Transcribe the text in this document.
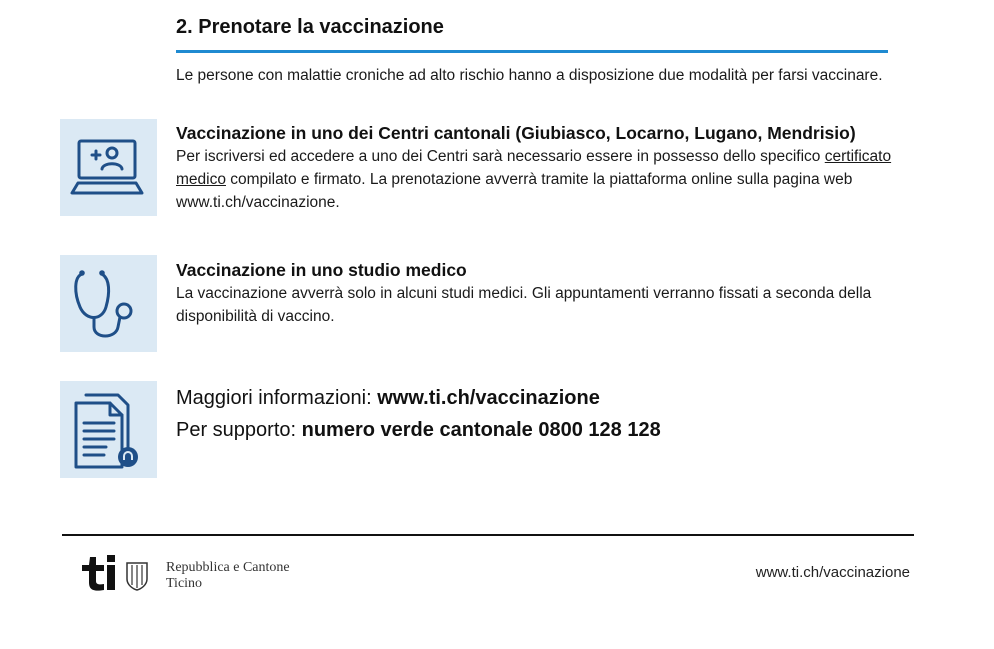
2. Prenotare la vaccinazione
Le persone con malattie croniche ad alto rischio hanno a disposizione due modalità per farsi vaccinare.
Vaccinazione in uno dei Centri cantonali (Giubiasco, Locarno, Lugano, Mendrisio)

Per iscriversi ed accedere a uno dei Centri sarà necessario essere in possesso dello specifico certificato medico compilato e firmato. La prenotazione avverrà tramite la piattaforma online sulla pagina web www.ti.ch/vaccinazione.

Vaccinazione in uno studio medico

La vaccinazione avverrà solo in alcuni studi medici. Gli appuntamenti verranno fissati a seconda della disponibilità di vaccino.

Maggiori informazioni: www.ti.ch/vaccinazione
Per supporto: numero verde cantonale 0800 128 128
Repubblica e Cantone
Ticino
www.ti.ch/vaccinazione
